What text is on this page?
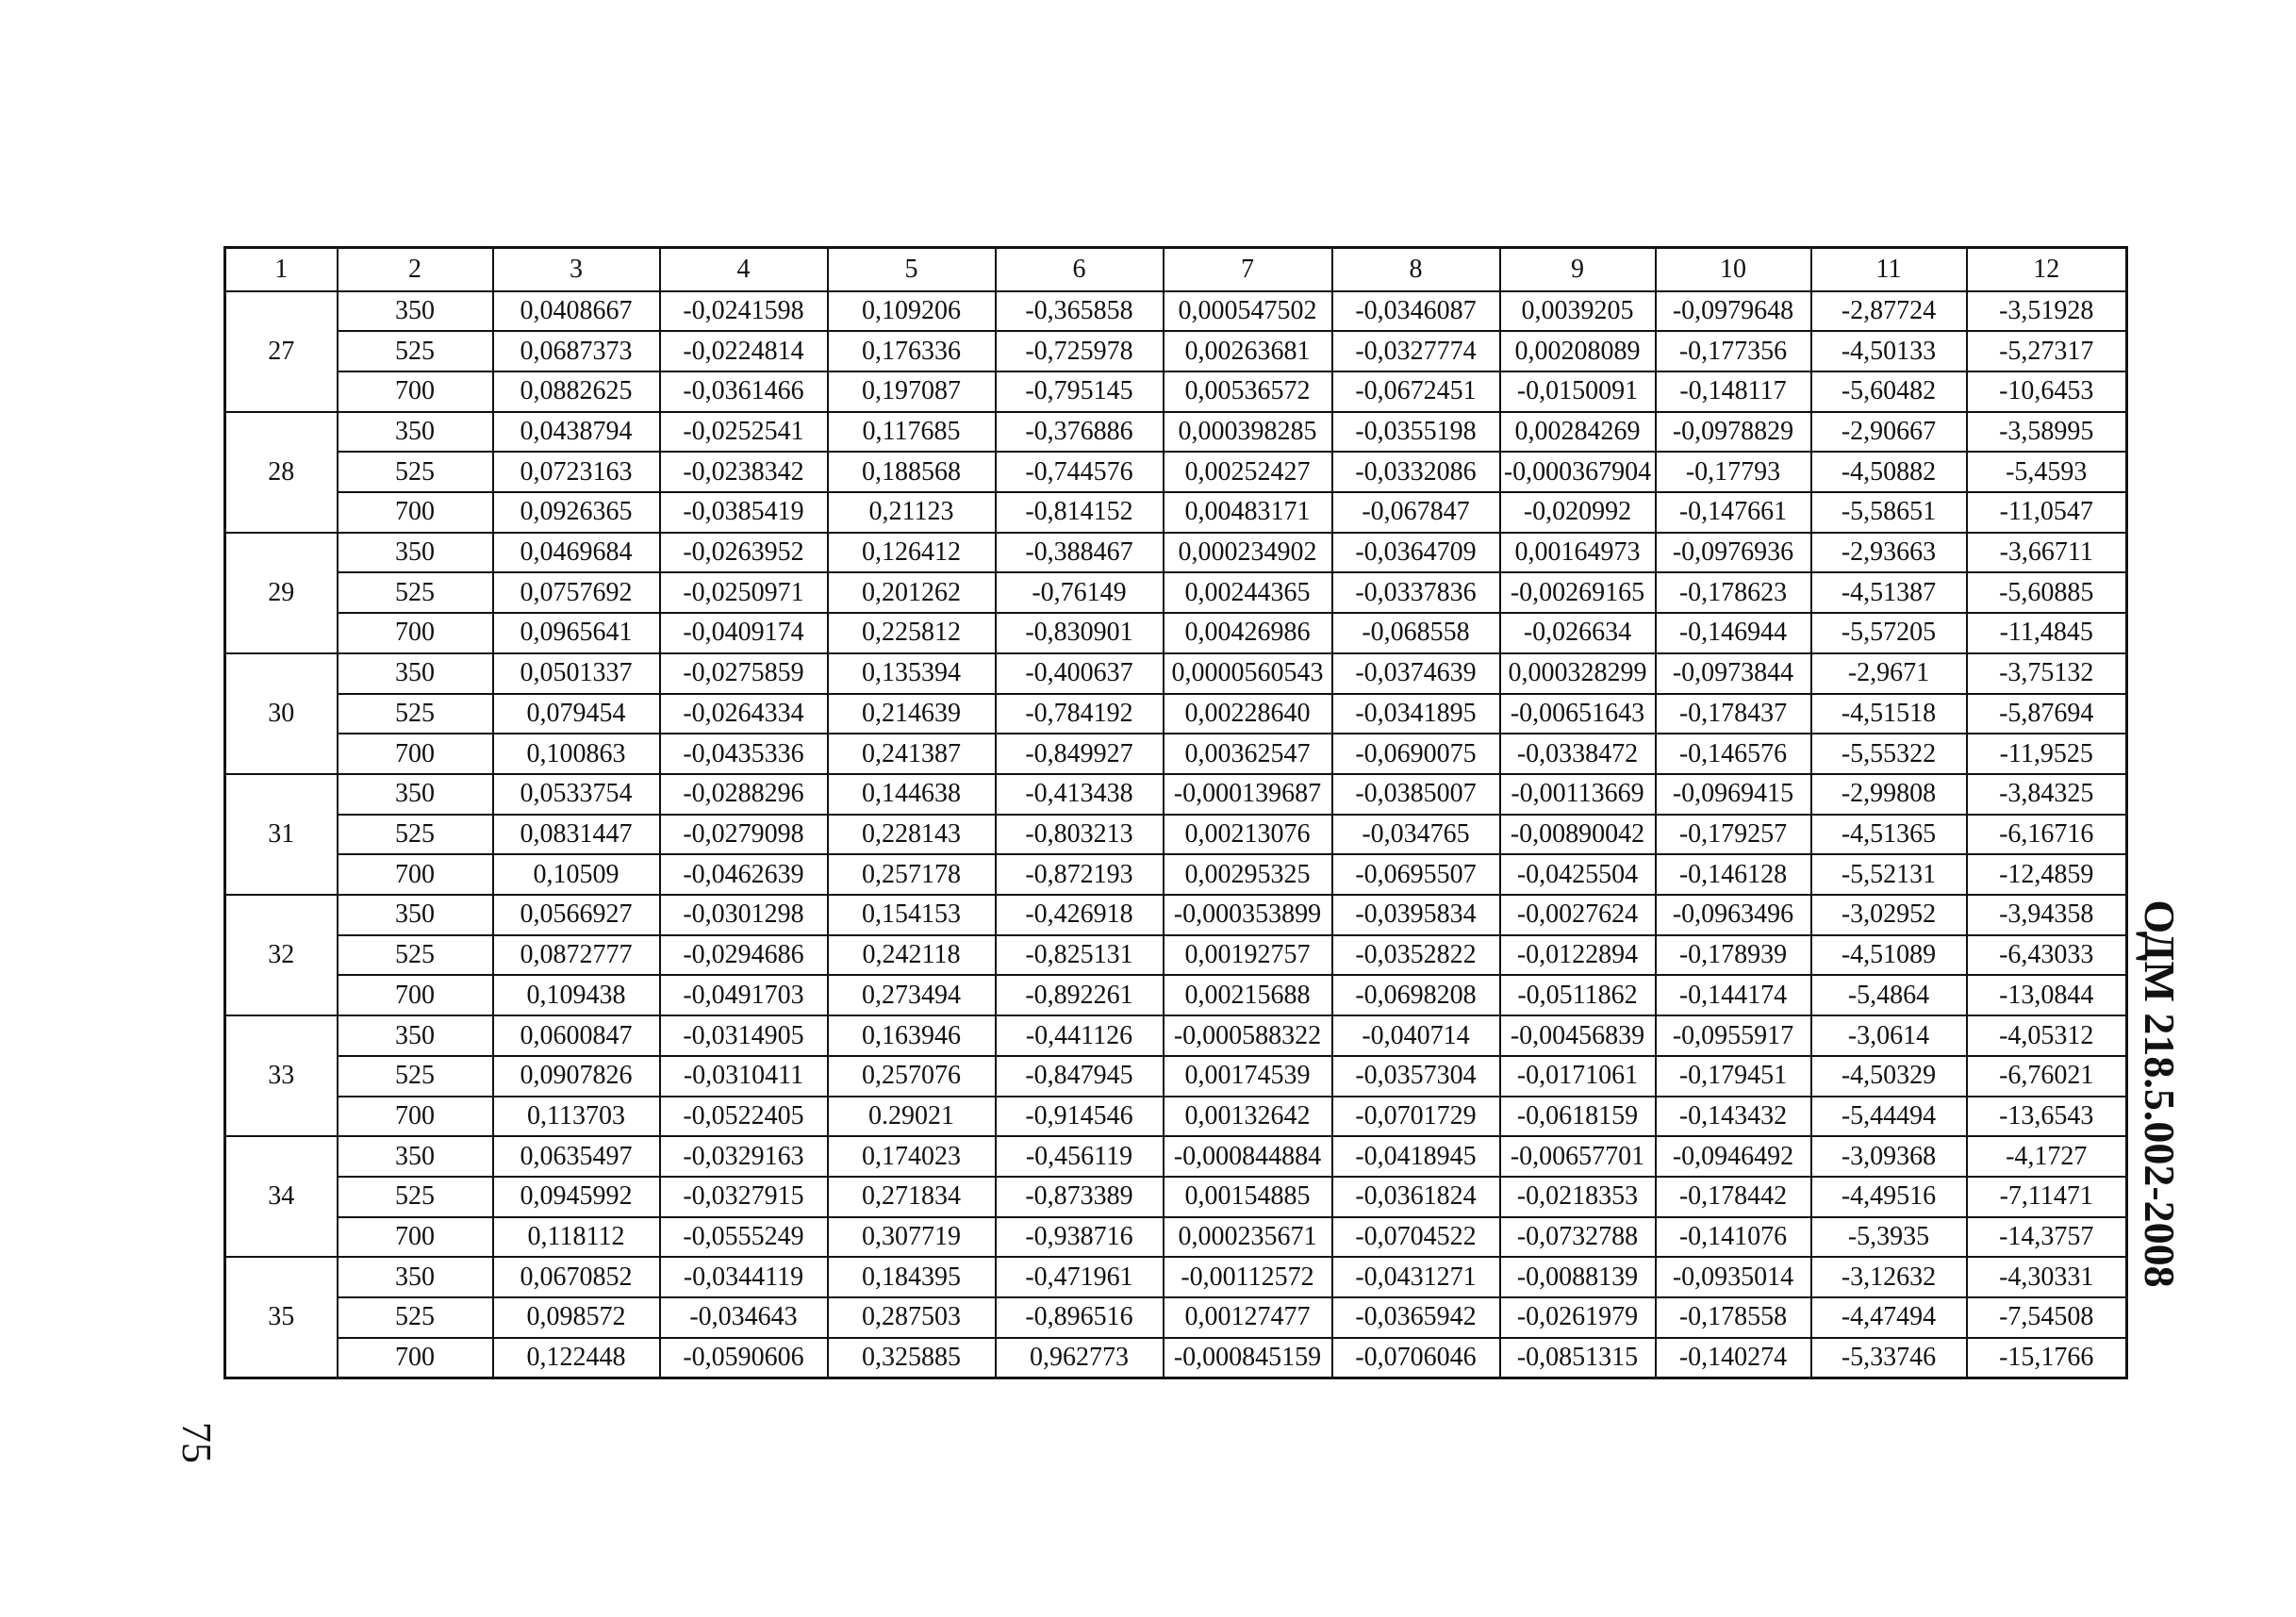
1	2	3	4	5	6	7	8	9	10	11	12
27	350	0,0408667	-0,0241598	0,109206	-0,365858	0,000547502	-0,0346087	0,0039205	-0,0979648	-2,87724	-3,51928
	525	0,0687373	-0,0224814	0,176336	-0,725978	0,00263681	-0,0327774	0,00208089	-0,177356	-4,50133	-5,27317
	700	0,0882625	-0,0361466	0,197087	-0,795145	0,00536572	-0,0672451	-0,0150091	-0,148117	-5,60482	-10,6453
28	350	0,0438794	-0,0252541	0,117685	-0,376886	0,000398285	-0,0355198	0,00284269	-0,0978829	-2,90667	-3,58995
	525	0,0723163	-0,0238342	0,188568	-0,744576	0,00252427	-0,0332086	-0,000367904	-0,17793	-4,50882	-5,4593
	700	0,0926365	-0,0385419	0,21123	-0,814152	0,00483171	-0,067847	-0,020992	-0,147661	-5,58651	-11,0547
29	350	0,0469684	-0,0263952	0,126412	-0,388467	0,000234902	-0,0364709	0,00164973	-0,0976936	-2,93663	-3,66711
	525	0,0757692	-0,0250971	0,201262	-0,76149	0,00244365	-0,0337836	-0,00269165	-0,178623	-4,51387	-5,60885
	700	0,0965641	-0,0409174	0,225812	-0,830901	0,00426986	-0,068558	-0,026634	-0,146944	-5,57205	-11,4845
30	350	0,0501337	-0,0275859	0,135394	-0,400637	0,0000560543	-0,0374639	0,000328299	-0,0973844	-2,9671	-3,75132
	525	0,079454	-0,0264334	0,214639	-0,784192	0,00228640	-0,0341895	-0,00651643	-0,178437	-4,51518	-5,87694
	700	0,100863	-0,0435336	0,241387	-0,849927	0,00362547	-0,0690075	-0,0338472	-0,146576	-5,55322	-11,9525
31	350	0,0533754	-0,0288296	0,144638	-0,413438	-0,000139687	-0,0385007	-0,00113669	-0,0969415	-2,99808	-3,84325
	525	0,0831447	-0,0279098	0,228143	-0,803213	0,00213076	-0,034765	-0,00890042	-0,179257	-4,51365	-6,16716
	700	0,10509	-0,0462639	0,257178	-0,872193	0,00295325	-0,0695507	-0,0425504	-0,146128	-5,52131	-12,4859
32	350	0,0566927	-0,0301298	0,154153	-0,426918	-0,000353899	-0,0395834	-0,0027624	-0,0963496	-3,02952	-3,94358
	525	0,0872777	-0,0294686	0,242118	-0,825131	0,00192757	-0,0352822	-0,0122894	-0,178939	-4,51089	-6,43033
	700	0,109438	-0,0491703	0,273494	-0,892261	0,00215688	-0,0698208	-0,0511862	-0,144174	-5,4864	-13,0844
33	350	0,0600847	-0,0314905	0,163946	-0,441126	-0,000588322	-0,040714	-0,00456839	-0,0955917	-3,0614	-4,05312
	525	0,0907826	-0,0310411	0,257076	-0,847945	0,00174539	-0,0357304	-0,0171061	-0,179451	-4,50329	-6,76021
	700	0,113703	-0,0522405	0.29021	-0,914546	0,00132642	-0,0701729	-0,0618159	-0,143432	-5,44494	-13,6543
34	350	0,0635497	-0,0329163	0,174023	-0,456119	-0,000844884	-0,0418945	-0,00657701	-0,0946492	-3,09368	-4,1727
	525	0,0945992	-0,0327915	0,271834	-0,873389	0,00154885	-0,0361824	-0,0218353	-0,178442	-4,49516	-7,11471
	700	0,118112	-0,0555249	0,307719	-0,938716	0,000235671	-0,0704522	-0,0732788	-0,141076	-5,3935	-14,3757
35	350	0,0670852	-0,0344119	0,184395	-0,471961	-0,00112572	-0,0431271	-0,0088139	-0,0935014	-3,12632	-4,30331
	525	0,098572	-0,034643	0,287503	-0,896516	0,00127477	-0,0365942	-0,0261979	-0,178558	-4,47494	-7,54508
	700	0,122448	-0,0590606	0,325885	0,962773	-0,000845159	-0,0706046	-0,0851315	-0,140274	-5,33746	-15,1766
75
ОДМ 218.5.002-2008
